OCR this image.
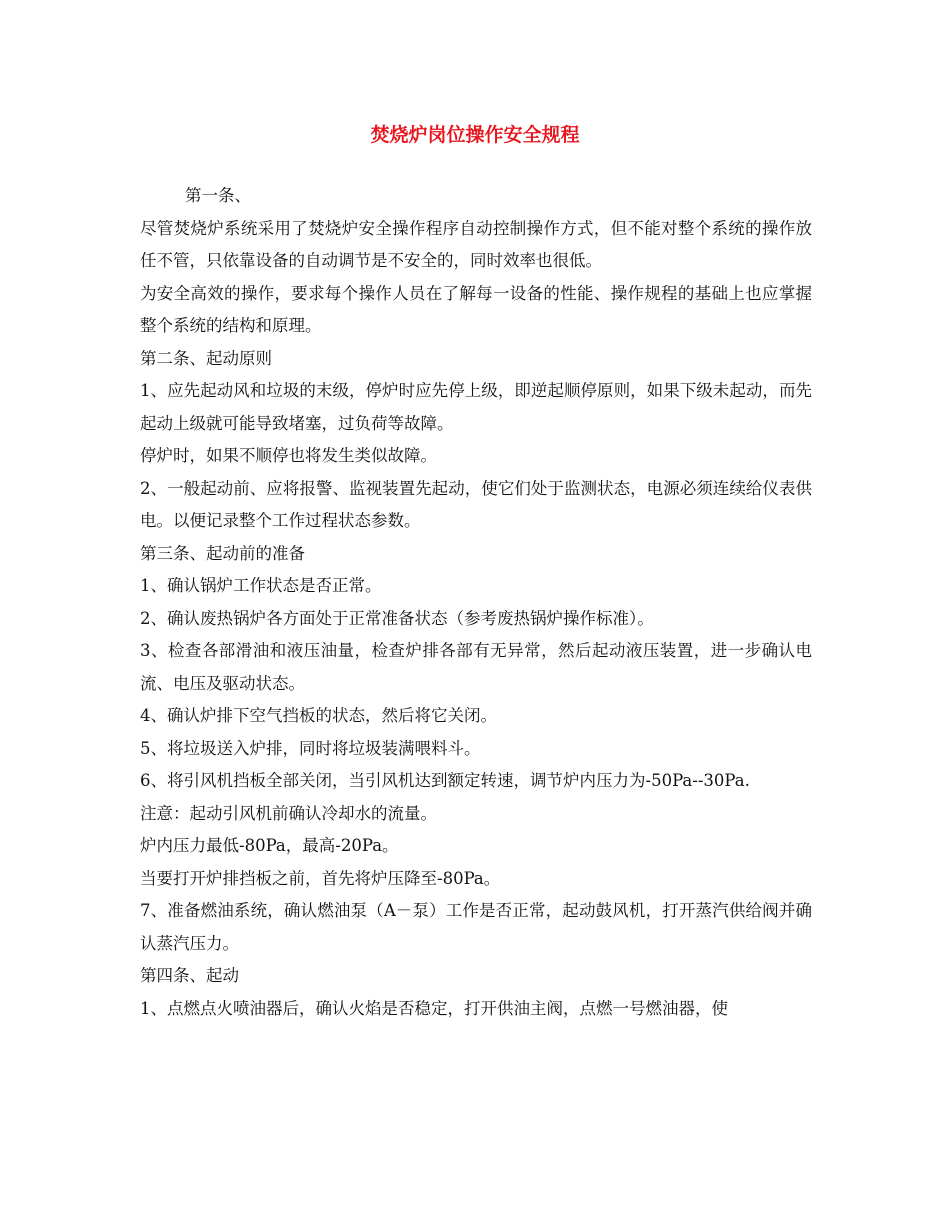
焚烧炉岗位操作安全规程

第一条、

尽管焚烧炉系统采用了焚烧炉安全操作程序自动控制操作方式，但不能对整个系统的操作放任不管，只依靠设备的自动调节是不安全的，同时效率也很低。

为安全高效的操作，要求每个操作人员在了解每一设备的性能、操作规程的基础上也应掌握整个系统的结构和原理。

第二条、起动原则

1、应先起动风和垃圾的末级，停炉时应先停上级，即逆起顺停原则，如果下级未起动，而先起动上级就可能导致堵塞，过负荷等故障。

停炉时，如果不顺停也将发生类似故障。

2、一般起动前、应将报警、监视装置先起动，使它们处于监测状态，电源必须连续给仪表供电。以便记录整个工作过程状态参数。

第三条、起动前的准备

1、确认锅炉工作状态是否正常。

2、确认废热锅炉各方面处于正常准备状态（参考废热锅炉操作标准）。

3、检查各部滑油和液压油量，检查炉排各部有无异常，然后起动液压装置，进一步确认电流、电压及驱动状态。

4、确认炉排下空气挡板的状态，然后将它关闭。

5、将垃圾送入炉排，同时将垃圾装满喂料斗。

6、将引风机挡板全部关闭，当引风机达到额定转速，调节炉内压力为-50Pa--30Pa.

注意：起动引风机前确认冷却水的流量。

炉内压力最低-80Pa，最高-20Pa。

当要打开炉排挡板之前，首先将炉压降至-80Pa。

7、准备燃油系统，确认燃油泵（A－泵）工作是否正常，起动鼓风机，打开蒸汽供给阀并确认蒸汽压力。

第四条、起动

1、点燃点火喷油器后，确认火焰是否稳定，打开供油主阀，点燃一号燃油器，使
